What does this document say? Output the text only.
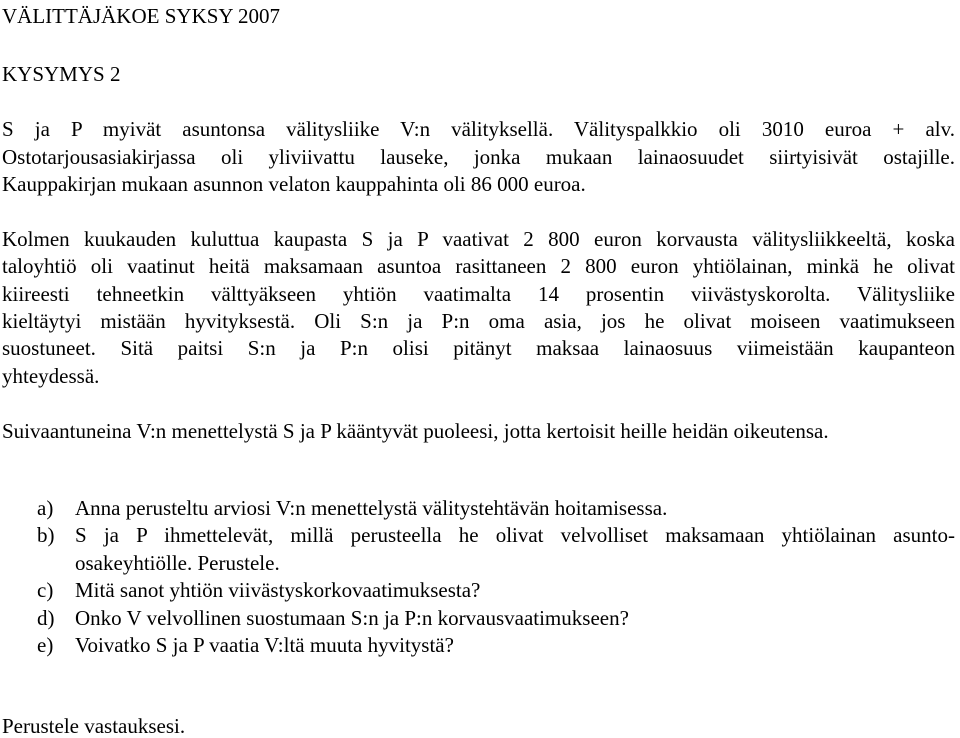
VÄLITTÄJÄKOE SYKSY 2007
KYSYMYS 2
S ja P myivät asuntonsa välitysliike V:n välityksellä. Välityspalkkio oli 3010 euroa + alv.
Ostotarjousasiakirjassa oli yliviivattu lauseke, jonka mukaan lainaosuudet siirtyisivät ostajille.
Kauppakirjan mukaan asunnon velaton kauppahinta oli 86 000 euroa.
Kolmen kuukauden kuluttua kaupasta S ja P vaativat 2 800 euron korvausta välitysliikkeeltä, koska
taloyhtiö oli vaatinut heitä maksamaan asuntoa rasittaneen 2 800 euron yhtiölainan, minkä he olivat
kiireesti tehneetkin välttyäkseen yhtiön vaatimalta 14 prosentin viivästyskorolta. Välitysliike
kieltäytyi mistään hyvityksestä. Oli S:n ja P:n oma asia, jos he olivat moiseen vaatimukseen
suostuneet. Sitä paitsi S:n ja P:n olisi pitänyt maksaa lainaosuus viimeistään kaupanteon
yhteydessä.
Suivaantuneina V:n menettelystä S ja P kääntyvät puoleesi, jotta kertoisit heille heidän oikeutensa.
a) Anna perusteltu arviosi V:n menettelystä välitystehtävän hoitamisessa.
b) S ja P ihmettelevät, millä perusteella he olivat velvolliset maksamaan yhtiölainan asunto-
osakeyhtiölle. Perustele.
c) Mitä sanot yhtiön viivästyskorkovaatimuksesta?
d) Onko V velvollinen suostumaan S:n ja P:n korvausvaatimukseen?
e) Voivatko S ja P vaatia V:ltä muuta hyvitystä?
Perustele vastauksesi.
